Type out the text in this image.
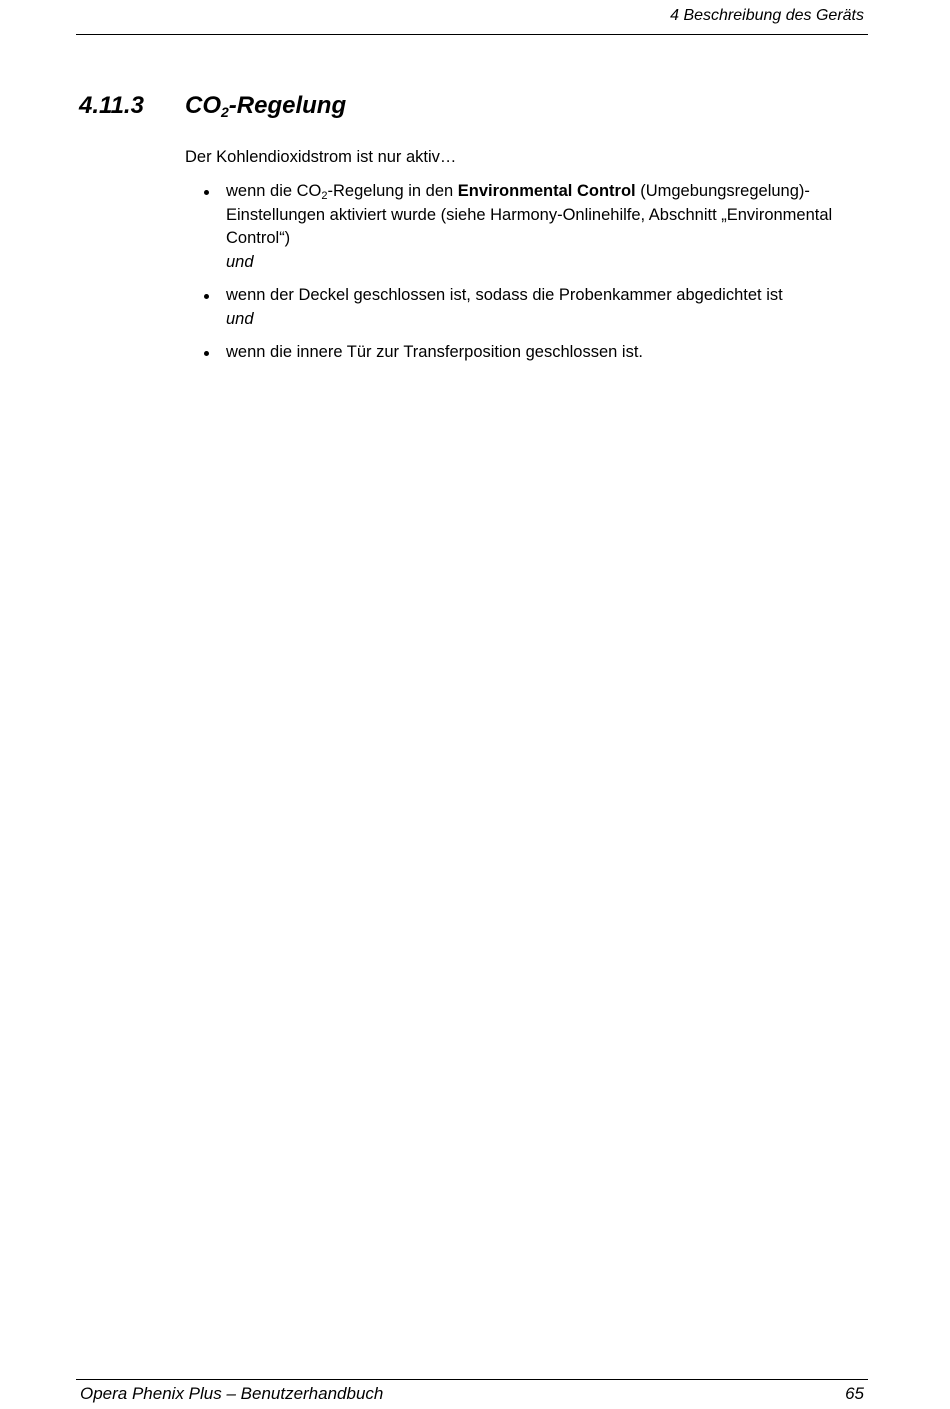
4 Beschreibung des Geräts
4.11.3 $CO_2$-Regelung
Der Kohlendioxidstrom ist nur aktiv…
wenn die $CO_2$-Regelung in den Environmental Control (Umgebungsregelung)-Einstellungen aktiviert wurde (siehe Harmony-Onlinehilfe, Abschnitt „Environmental Control“)
und
wenn der Deckel geschlossen ist, sodass die Probenkammer abgedichtet ist
und
wenn die innere Tür zur Transferposition geschlossen ist.
Opera Phenix Plus – Benutzerhandbuch	65
